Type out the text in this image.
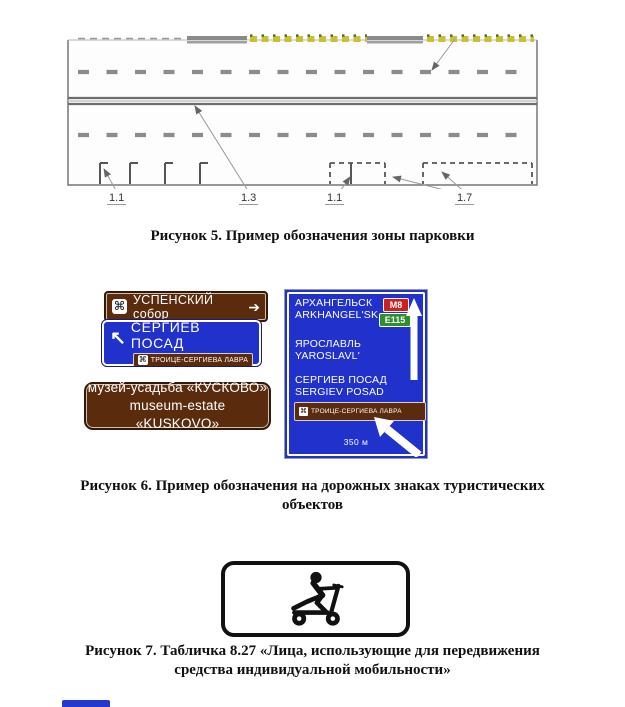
1.1	1.3	1.1	1.7
Рисунок 5. Пример обозначения зоны парковки
⌘ УСПЕНСКИЙ собор	➔
↖
СЕРГИЕВ ПОСАД
⌘ ТРОИЦЕ-СЕРГИЕВА ЛАВРА
музей-усадьба «КУСКОВО»
museum-estate «KUSKOVO»
АРХАНГЕЛЬСК
ARKHANGEL'SK
М8
Е115
ЯРОСЛАВЛЬ
YAROSLAVL'
СЕРГИЕВ ПОСАД
SERGIEV POSAD
⌘ ТРОИЦЕ-СЕРГИЕВА ЛАВРА
350 м
Рисунок 6. Пример обозначения на дорожных знаках туристических
объектов
Рисунок 7. Табличка 8.27 «Лица, использующие для передвижения
средства индивидуальной мобильности»
